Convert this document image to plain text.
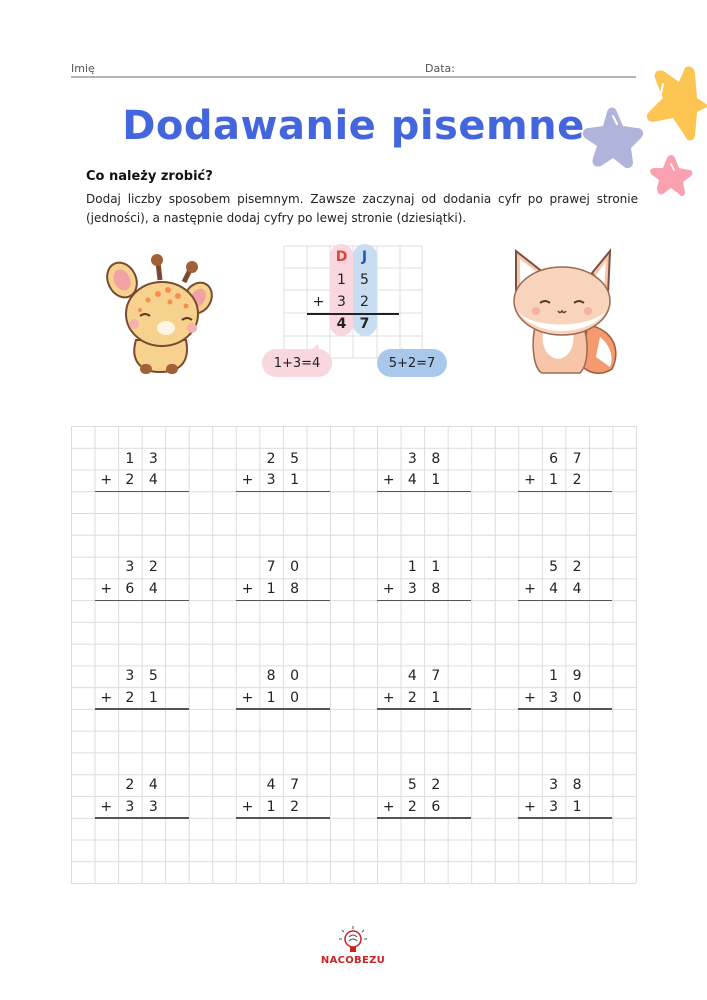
Imię	Data:
Dodawanie pisemne
Co należy zrobić?
Dodaj liczby sposobem pisemnym. Zawsze zaczynaj od dodania cyfr po prawej stronie (jedności), a następnie dodaj cyfry po lewej stronie (dziesiątki).
D J
1	5
+ 3	2
4 7
1+3=4	5+2=7
1	3
+ 2	4
2	5
+ 3	1
3	8
+ 4	1
6	7
+ 1	2
3	2
+ 6	4
7	0
+ 1	8
1	1
+ 3	8
5	2
+ 4	4
3	5
+ 2	1
8	0
+ 1	0
4	7
+ 2	1
1	9
+ 3	0
2	4
+ 3	3
4	7
+ 1	2
5	2
+ 2	6
3	8
+ 3	1
NACOBEZU
